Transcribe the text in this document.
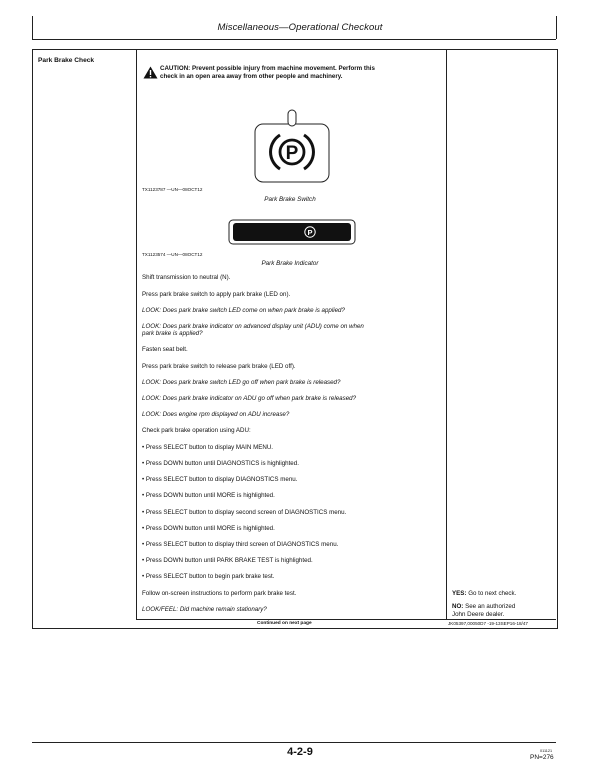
Miscellaneous—Operational Checkout
Park Brake Check
CAUTION: Prevent possible injury from machine movement. Perform this
check in an open area away from other people and machinery.
P
TX1123787 —UN—08OCT12
Park Brake Switch
P
TX1123574 —UN—08OCT12
Park Brake Indicator
Shift transmission to neutral (N).
Press park brake switch to apply park brake (LED on).
LOOK: Does park brake switch LED come on when park brake is applied?
LOOK: Does park brake indicator on advanced display unit (ADU) come on when
park brake is applied?
Fasten seat belt.
Press park brake switch to release park brake (LED off).
LOOK: Does park brake switch LED go off when park brake is released?
LOOK: Does park brake indicator on ADU go off when park brake is released?
LOOK: Does engine rpm displayed on ADU increase?
Check park brake operation using ADU:
• Press SELECT button to display MAIN MENU.
• Press DOWN button until DIAGNOSTICS is highlighted.
• Press SELECT button to display DIAGNOSTICS menu.
• Press DOWN button until MORE is highlighted.
• Press SELECT button to display second screen of DIAGNOSTICS menu.
• Press DOWN button until MORE is highlighted.
• Press SELECT button to display third screen of DIAGNOSTICS menu.
• Press DOWN button until PARK BRAKE TEST is highlighted.
• Press SELECT button to begin park brake test.
Follow on-screen instructions to perform park brake test.
LOOK/FEEL: Did machine remain stationary?
YES: Go to next check.
NO: See an authorized
John Deere dealer.
Continued on next page	JK05397,00050D7 -19-13SEP16-18/47
4-2-9	011121
PN=276
